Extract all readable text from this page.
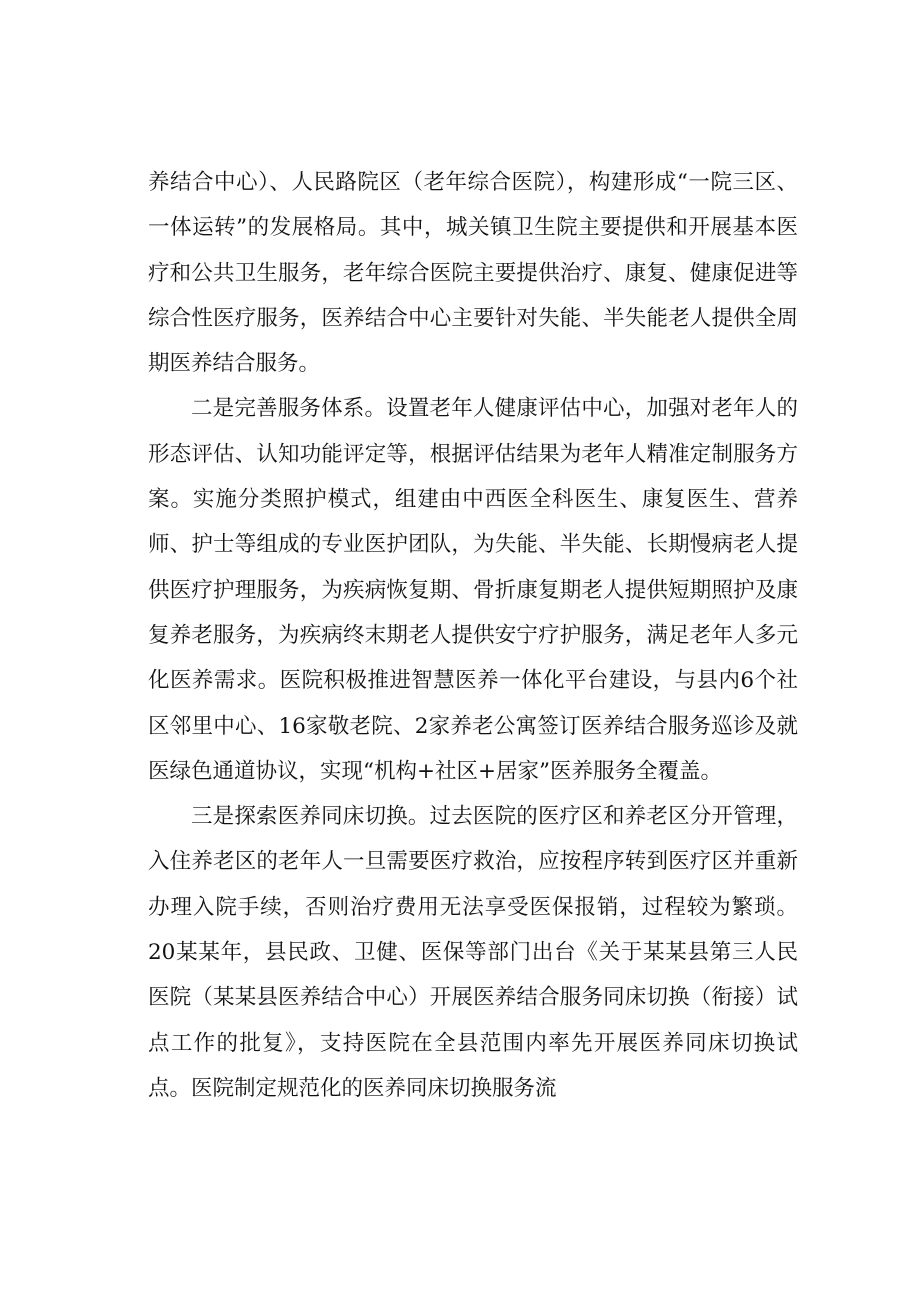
养结合中心）、人民路院区（老年综合医院），构建形成“一院三区、一体运转”的发展格局。其中，城关镇卫生院主要提供和开展基本医疗和公共卫生服务，老年综合医院主要提供治疗、康复、健康促进等综合性医疗服务，医养结合中心主要针对失能、半失能老人提供全周期医养结合服务。

二是完善服务体系。设置老年人健康评估中心，加强对老年人的形态评估、认知功能评定等，根据评估结果为老年人精准定制服务方案。实施分类照护模式，组建由中西医全科医生、康复医生、营养师、护士等组成的专业医护团队，为失能、半失能、长期慢病老人提供医疗护理服务，为疾病恢复期、骨折康复期老人提供短期照护及康复养老服务，为疾病终末期老人提供安宁疗护服务，满足老年人多元化医养需求。医院积极推进智慧医养一体化平台建设，与县内6个社区邻里中心、16家敬老院、2家养老公寓签订医养结合服务巡诊及就医绿色通道协议，实现“机构+社区+居家”医养服务全覆盖。

三是探索医养同床切换。过去医院的医疗区和养老区分开管理，入住养老区的老年人一旦需要医疗救治，应按程序转到医疗区并重新办理入院手续，否则治疗费用无法享受医保报销，过程较为繁琐。20某某年，县民政、卫健、医保等部门出台《关于某某县第三人民医院（某某县医养结合中心）开展医养结合服务同床切换（衔接）试点工作的批复》，支持医院在全县范围内率先开展医养同床切换试点。医院制定规范化的医养同床切换服务流
